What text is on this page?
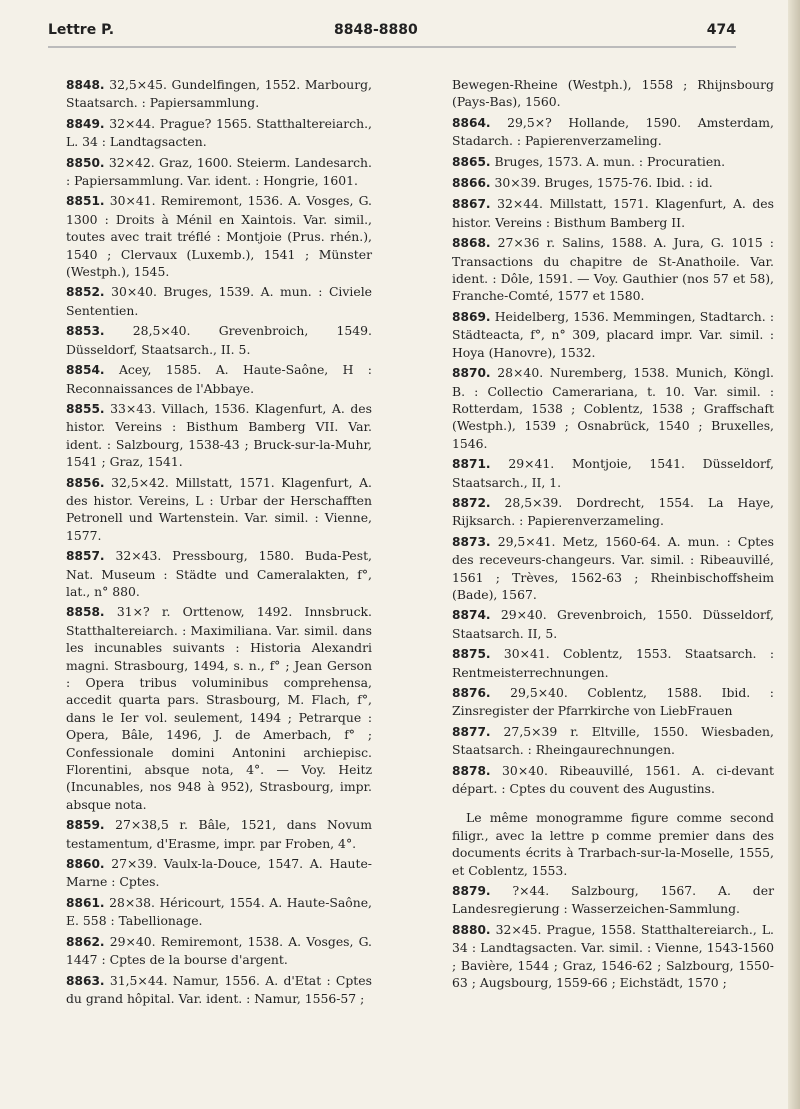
Lettre P.	8848-8880	474

8848. 32,5×45. Gundelfingen, 1552. Marbourg, Staatsarch. : Papiersammlung.

8849. 32×44. Prague? 1565. Statthaltereiarch., L. 34 : Landtagsacten.

8850. 32×42. Graz, 1600. Steierm. Landesarch. : Papiersammlung. Var. ident. : Hongrie, 1601.

8851. 30×41. Remiremont, 1536. A. Vosges, G. 1300 : Droits à Ménil en Xaintois. Var. simil., toutes avec trait tréflé : Montjoie (Prus. rhén.), 1540 ; Clervaux (Luxemb.), 1541 ; Münster (Westph.), 1545.

8852. 30×40. Bruges, 1539. A. mun. : Civiele Sententien.

8853. 28,5×40. Grevenbroich, 1549. Düsseldorf, Staatsarch., II. 5.

8854. Acey, 1585. A. Haute-Saône, H : Reconnaissances de l'Abbaye.

8855. 33×43. Villach, 1536. Klagenfurt, A. des histor. Vereins : Bisthum Bamberg VII. Var. ident. : Salzbourg, 1538-43 ; Bruck-sur-la-Muhr, 1541 ; Graz, 1541.

8856. 32,5×42. Millstatt, 1571. Klagenfurt, A. des histor. Vereins, L : Urbar der Herschafften Petronell und Wartenstein. Var. simil. : Vienne, 1577.

8857. 32×43. Pressbourg, 1580. Buda-Pest, Nat. Museum : Städte und Cameralakten, f°, lat., n° 880.

8858. 31×? r. Orttenow, 1492. Innsbruck. Statthaltereiarch. : Maximiliana. Var. simil. dans les incunables suivants : Historia Alexandri magni. Strasbourg, 1494, s. n., f° ; Jean Gerson : Opera tribus voluminibus comprehensa, accedit quarta pars. Strasbourg, M. Flach, f°, dans le Ier vol. seulement, 1494 ; Petrarque : Opera, Bâle, 1496, J. de Amerbach, f° ; Confessionale domini Antonini archiepisc. Florentini, absque nota, 4°. — Voy. Heitz (Incunables, nos 948 à 952), Strasbourg, impr. absque nota.

8859. 27×38,5 r. Bâle, 1521, dans Novum testamentum, d'Erasme, impr. par Froben, 4°.

8860. 27×39. Vaulx-la-Douce, 1547. A. Haute-Marne : Cptes.

8861. 28×38. Héricourt, 1554. A. Haute-Saône, E. 558 : Tabellionage.

8862. 29×40. Remiremont, 1538. A. Vosges, G. 1447 : Cptes de la bourse d'argent.

8863. 31,5×44. Namur, 1556. A. d'Etat : Cptes du grand hôpital. Var. ident. : Namur, 1556-57 ;

Bewegen-Rheine (Westph.), 1558 ; Rhijnsbourg (Pays-Bas), 1560.

8864. 29,5×? Hollande, 1590. Amsterdam, Stadarch. : Papierenverzameling.

8865. Bruges, 1573. A. mun. : Procuratien.

8866. 30×39. Bruges, 1575-76. Ibid. : id.

8867. 32×44. Millstatt, 1571. Klagenfurt, A. des histor. Vereins : Bisthum Bamberg II.

8868. 27×36 r. Salins, 1588. A. Jura, G. 1015 : Transactions du chapitre de St-Anathoile. Var. ident. : Dôle, 1591. — Voy. Gauthier (nos 57 et 58), Franche-Comté, 1577 et 1580.

8869. Heidelberg, 1536. Memmingen, Stadtarch. : Städteacta, f°, n° 309, placard impr. Var. simil. : Hoya (Hanovre), 1532.

8870. 28×40. Nuremberg, 1538. Munich, Köngl. B. : Collectio Camerariana, t. 10. Var. simil. : Rotterdam, 1538 ; Coblentz, 1538 ; Graffschaft (Westph.), 1539 ; Osnabrück, 1540 ; Bruxelles, 1546.

8871. 29×41. Montjoie, 1541. Düsseldorf, Staatsarch., II, 1.

8872. 28,5×39. Dordrecht, 1554. La Haye, Rijksarch. : Papierenverzameling.

8873. 29,5×41. Metz, 1560-64. A. mun. : Cptes des receveurs-changeurs. Var. simil. : Ribeauvillé, 1561 ; Trèves, 1562-63 ; Rheinbischoffsheim (Bade), 1567.

8874. 29×40. Grevenbroich, 1550. Düsseldorf, Staatsarch. II, 5.

8875. 30×41. Coblentz, 1553. Staatsarch. : Rentmeisterrechnungen.

8876. 29,5×40. Coblentz, 1588. Ibid. : Zinsregister der Pfarrkirche von LiebFrauen

8877. 27,5×39 r. Eltville, 1550. Wiesbaden, Staatsarch. : Rheingaurechnungen.

8878. 30×40. Ribeauvillé, 1561. A. ci-devant départ. : Cptes du couvent des Augustins.

Le même monogramme figure comme second filigr., avec la lettre p comme premier dans des documents écrits à Trarbach-sur-la-Moselle, 1555, et Coblentz, 1553.

8879. ?×44. Salzbourg, 1567. A. der Landesregierung : Wasserzeichen-Sammlung.

8880. 32×45. Prague, 1558. Statthaltereiarch., L. 34 : Landtagsacten. Var. simil. : Vienne, 1543-1560 ; Bavière, 1544 ; Graz, 1546-62 ; Salzbourg, 1550-63 ; Augsbourg, 1559-66 ; Eichstädt, 1570 ;
